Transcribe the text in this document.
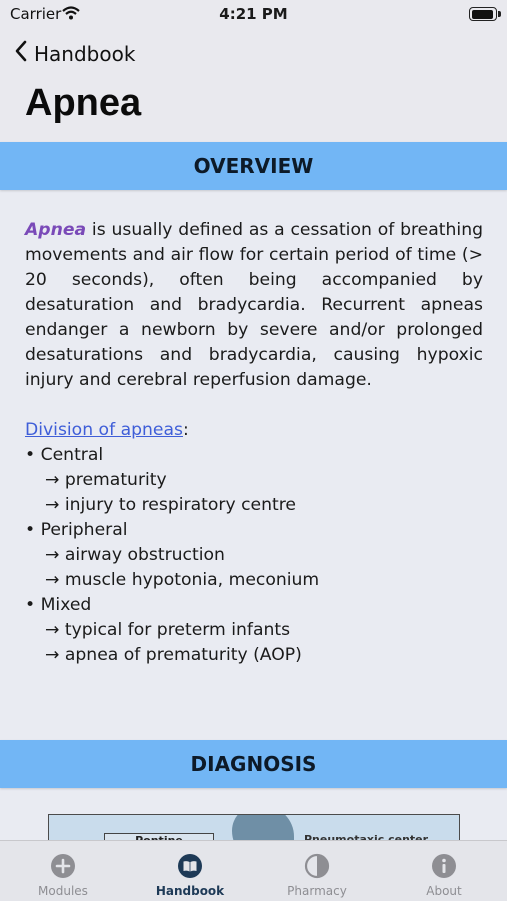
Carrier	4:21 PM
Handbook
Apnea
OVERVIEW

Apnea is usually defined as a cessation of breathing movements and air flow for certain period of time (> 20 seconds), often being accompanied by desaturation and bradycardia. Recurrent apneas endanger a newborn by severe and/or prolonged desaturations and bradycardia, causing hypoxic injury and cerebral reperfusion damage.

Division of apneas:

• Central

→ prematurity

→ injury to respiratory centre

• Peripheral

→ airway obstruction

→ muscle hypotonia, meconium

• Mixed

→ typical for preterm infants

→ apnea of prematurity (AOP)

DIAGNOSIS
Modules	Handbook	Pharmacy	About
